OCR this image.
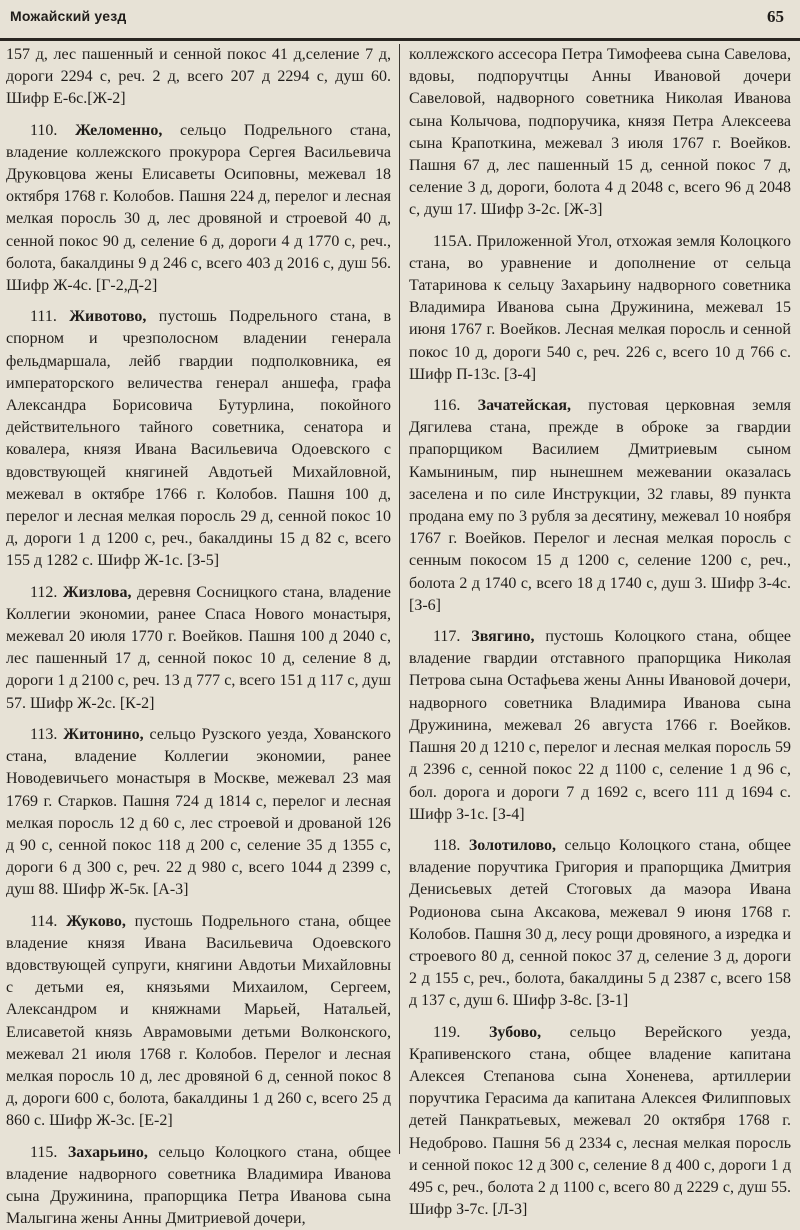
Можайский уезд	65

157 д, лес пашенный и сенной покос 41 д,селение 7 д, дороги 2294 с, реч. 2 д, всего 207 д 2294 с, душ 60. Шифр Е-6с.[Ж-2]

110. Желоменно, сельцо Подрельного стана, владение коллежского прокурора Сергея Васильевича Друковцова жены Елисаветы Осиповны, межевал 18 октября 1768 г. Колобов. Пашня 224 д, перелог и лесная мелкая поросль 30 д, лес дровяной и строевой 40 д, сенной покос 90 д, селение 6 д, дороги 4 д 1770 с, реч., болота, бакалдины 9 д 246 с, всего 403 д 2016 с, душ 56. Шифр Ж-4с. [Г-2,Д-2]

111. Животово, пустошь Подрельного стана, в спорном и чрезполосном владении генерала фельдмаршала, лейб гвардии подполковника, ея императорского величества генерал аншефа, графа Александра Борисовича Бутурлина, покойного действительного тайного советника, сенатора и ковалера, князя Ивана Васильевича Одоевского с вдовствующей княгиней Авдотьей Михайловной, межевал в октябре 1766 г. Колобов. Пашня 100 д, перелог и лесная мелкая поросль 29 д, сенной покос 10 д, дороги 1 д 1200 с, реч., бакалдины 15 д 82 с, всего 155 д 1282 с. Шифр Ж-1с. [З-5]

112. Жизлова, деревня Сосницкого стана, владение Коллегии экономии, ранее Спаса Нового монастыря, межевал 20 июля 1770 г. Воейков. Пашня 100 д 2040 с, лес пашенный 17 д, сенной покос 10 д, селение 8 д, дороги 1 д 2100 с, реч. 13 д 777 с, всего 151 д 117 с, душ 57. Шифр Ж-2с. [К-2]

113. Житонино, сельцо Рузского уезда, Хованского стана, владение Коллегии экономии, ранее Новодевичьего монастыря в Москве, межевал 23 мая 1769 г. Старков. Пашня 724 д 1814 с, перелог и лесная мелкая поросль 12 д 60 с, лес строевой и дрованой 126 д 90 с, сенной покос 118 д 200 с, селение 35 д 1355 с, дороги 6 д 300 с, реч. 22 д 980 с, всего 1044 д 2399 с, душ 88. Шифр Ж-5к. [А-3]

114. Жуково, пустошь Подрельного стана, общее владение князя Ивана Васильевича Одоевского вдовствующей супруги, княгини Авдотьи Михайловны с детьми ея, князьями Михаилом, Сергеем, Александром и княжнами Марьей, Натальей, Елисаветой князь Аврамовыми детьми Волконского, межевал 21 июля 1768 г. Колобов. Перелог и лесная мелкая поросль 10 д, лес дровяной 6 д, сенной покос 8 д, дороги 600 с, болота, бакалдины 1 д 260 с, всего 25 д 860 с. Шифр Ж-3с. [Е-2]

115. Захарьино, сельцо Колоцкого стана, общее владение надворного советника Владимира Иванова сына Дружинина, прапорщика Петра Иванова сына Малыгина жены Анны Дмитриевой дочери,

коллежского ассесора Петра Тимофеева сына Савелова, вдовы, подпоручтцы Анны Ивановой дочери Савеловой, надворного советника Николая Иванова сына Колычова, подпоручика, князя Петра Алексеева сына Крапоткина, межевал 3 июля 1767 г. Воейков. Пашня 67 д, лес пашенный 15 д, сенной покос 7 д, селение 3 д, дороги, болота 4 д 2048 с, всего 96 д 2048 с, душ 17. Шифр З-2с. [Ж-3]

115А. Приложенной Угол, отхожая земля Колоцкого стана, во уравнение и дополнение от сельца Татаринова к сельцу Захарьину надворного советника Владимира Иванова сына Дружинина, межевал 15 июня 1767 г. Воейков. Лесная мелкая поросль и сенной покос 10 д, дороги 540 с, реч. 226 с, всего 10 д 766 с. Шифр П-13с. [З-4]

116. Зачатейская, пустовая церковная земля Дягилева стана, прежде в оброке за гвардии прапорщиком Василием Дмитриевым сыном Камыниным, пир нынешнем межевании оказалась заселена и по силе Инструкции, 32 главы, 89 пункта продана ему по 3 рубля за десятину, межевал 10 ноября 1767 г. Воейков. Перелог и лесная мелкая поросль с сенным покосом 15 д 1200 с, селение 1200 с, реч., болота 2 д 1740 с, всего 18 д 1740 с, душ 3. Шифр З-4с. [З-6]

117. Звягино, пустошь Колоцкого стана, общее владение гвардии отставного прапорщика Николая Петрова сына Остафьева жены Анны Ивановой дочери, надворного советника Владимира Иванова сына Дружинина, межевал 26 августа 1766 г. Воейков. Пашня 20 д 1210 с, перелог и лесная мелкая поросль 59 д 2396 с, сенной покос 22 д 1100 с, селение 1 д 96 с, бол. дорога и дороги 7 д 1692 с, всего 111 д 1694 с. Шифр З-1с. [З-4]

118. Золотилово, сельцо Колоцкого стана, общее владение поручтика Григория и прапорщика Дмитрия Денисьевых детей Стоговых да маэора Ивана Родионова сына Аксакова, межевал 9 июня 1768 г. Колобов. Пашня 30 д, лесу рощи дровяного, а изредка и строевого 80 д, сенной покос 37 д, селение 3 д, дороги 2 д 155 с, реч., болота, бакалдины 5 д 2387 с, всего 158 д 137 с, душ 6. Шифр З-8с. [З-1]

119. Зубово, сельцо Верейского уезда, Крапивенского стана, общее владение капитана Алексея Степанова сына Хоненева, артиллерии поручтика Герасима да капитана Алексея Филипповых детей Панкратьевых, межевал 20 октября 1768 г. Недоброво. Пашня 56 д 2334 с, лесная мелкая поросль и сенной покос 12 д 300 с, селение 8 д 400 с, дороги 1 д 495 с, реч., болота 2 д 1100 с, всего 80 д 2229 с, душ 55. Шифр З-7с. [Л-3]
